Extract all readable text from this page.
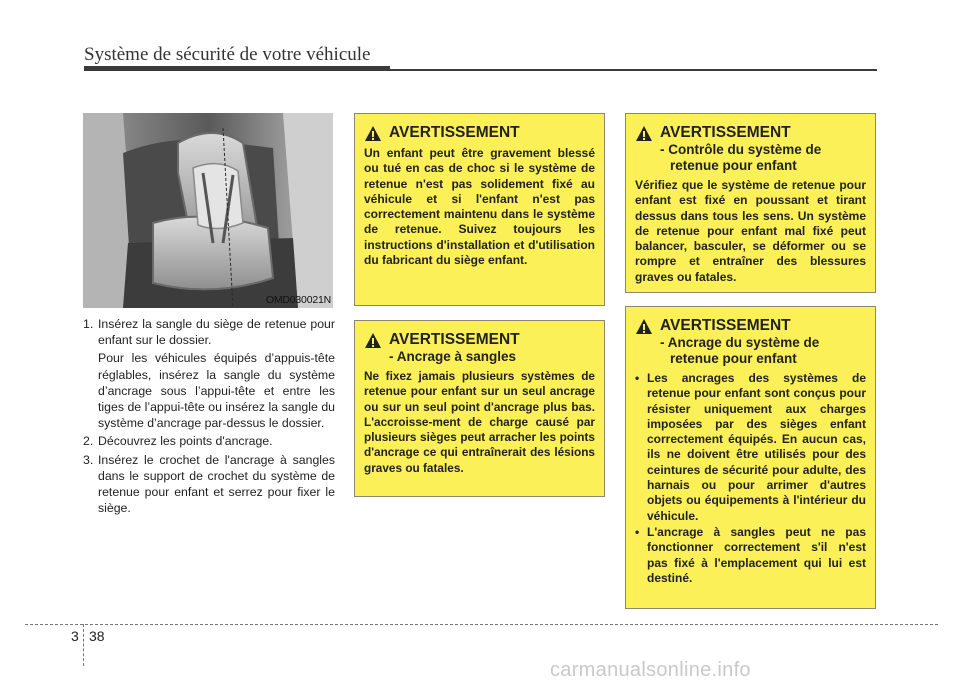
Système de sécurité de votre véhicule
OMD030021N
1. Insérez la sangle du siège de retenue pour enfant sur le dossier.

Pour les véhicules équipés d’appuis-tête réglables, insérez la sangle du système d’ancrage sous l’appui-tête et entre les tiges de l’appui-tête ou insérez la sangle du système d’ancrage par-dessus le dossier.

2. Découvrez les points d'ancrage.

3. Insérez le crochet de l'ancrage à sangles dans le support de crochet du système de retenue pour enfant et serrez pour fixer le siège.

AVERTISSEMENT
Un enfant peut être gravement blessé ou tué en cas de choc si le système de retenue n'est pas solidement fixé au véhicule et si l'enfant n'est pas correctement maintenu dans le système de retenue. Suivez toujours les instructions d'installation et d'utilisation du fabricant du siège enfant.
AVERTISSEMENT
- Ancrage à sangles
Ne fixez jamais plusieurs systèmes de retenue pour enfant sur un seul ancrage ou sur un seul point d'ancrage plus bas. L'accroisse-ment de charge causé par plusieurs sièges peut arracher les points d'ancrage ce qui entraînerait des lésions graves ou fatales.
AVERTISSEMENT
- Contrôle du système de retenue pour enfant
Vérifiez que le système de retenue pour enfant est fixé en poussant et tirant dessus dans tous les sens. Un système de retenue pour enfant mal fixé peut balancer, basculer, se déformer ou se rompre et entraîner des blessures graves ou fatales.
AVERTISSEMENT
- Ancrage du système de retenue pour enfant
• Les ancrages des systèmes de retenue pour enfant sont conçus pour résister uniquement aux charges imposées par des sièges enfant correctement équipés. En aucun cas, ils ne doivent être utilisés pour des ceintures de sécurité pour adulte, des harnais ou pour arrimer d'autres objets ou équipements à l'intérieur du véhicule.
• L'ancrage à sangles peut ne pas fonctionner correctement s'il n'est pas fixé à l'emplacement qui lui est destiné.
3 38
carmanualsonline.info
